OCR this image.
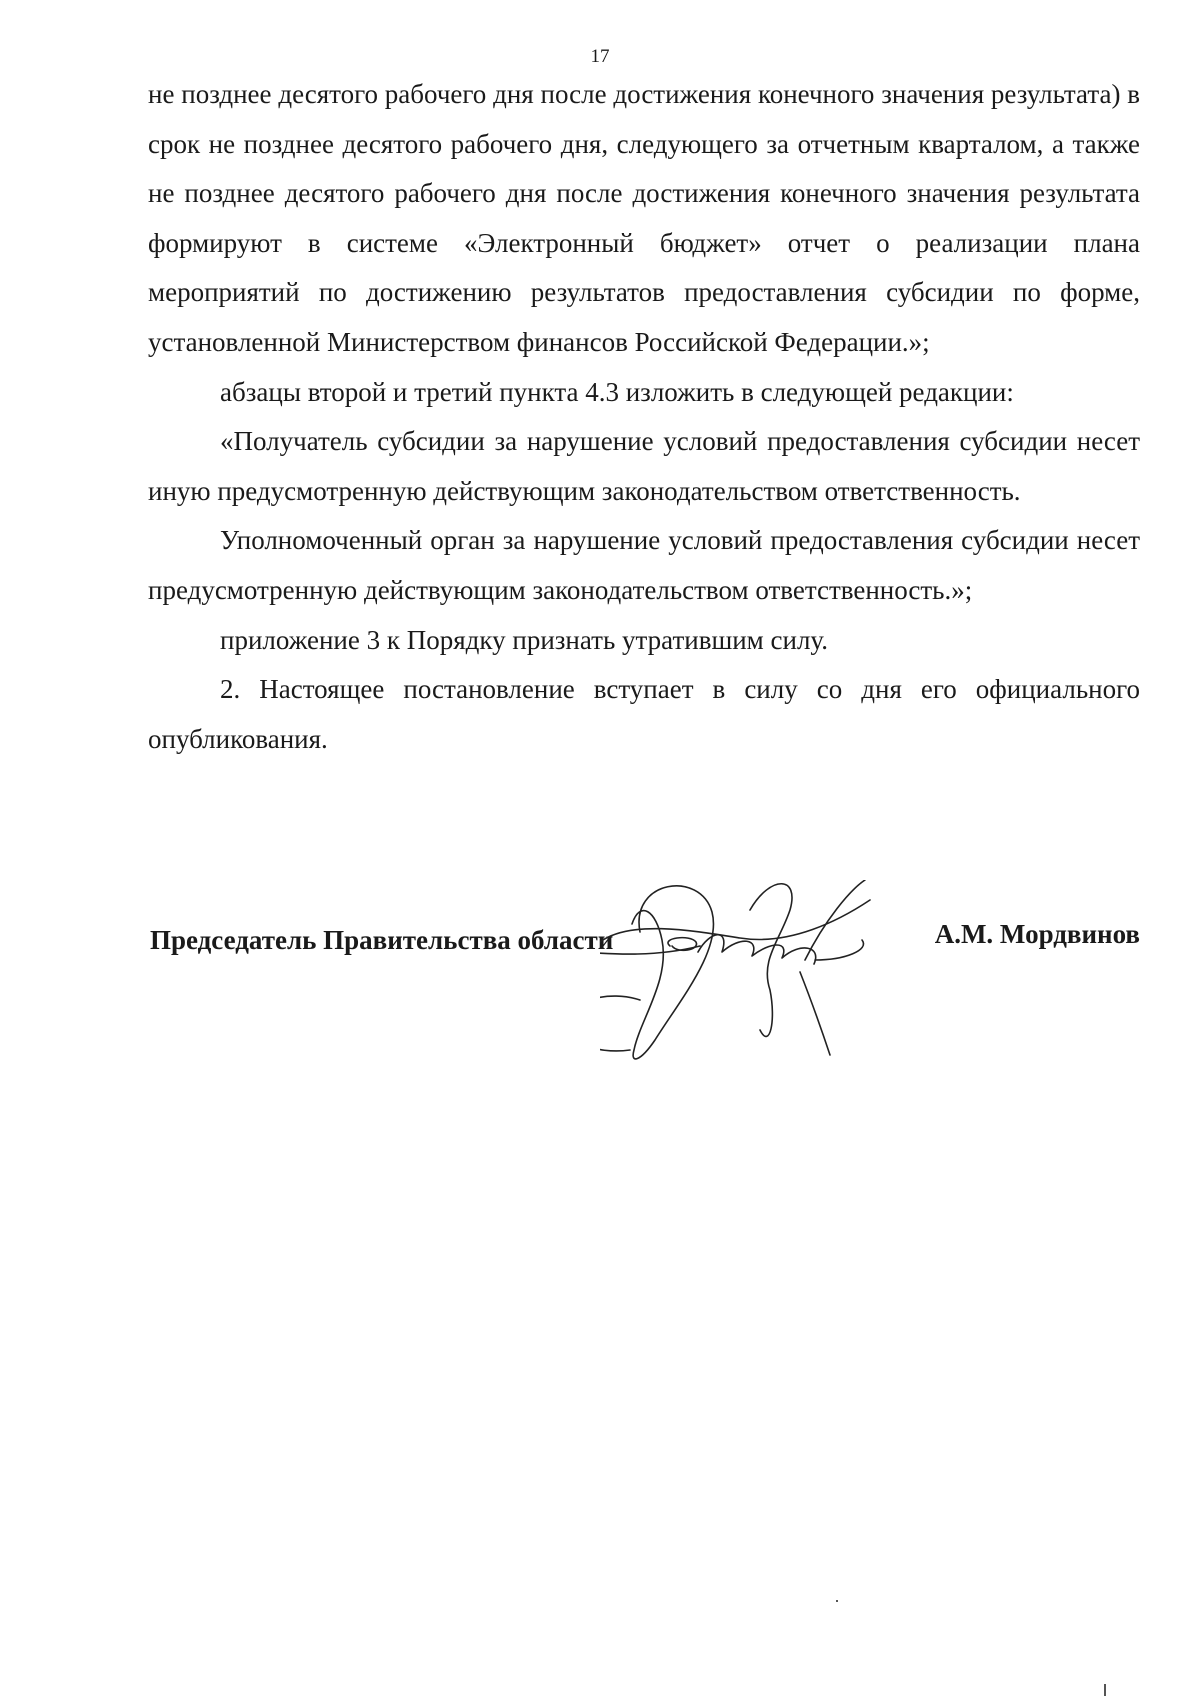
17

не позднее десятого рабочего дня после достижения конечного значения результата) в срок не позднее десятого рабочего дня, следующего за отчетным кварталом, а также не позднее десятого рабочего дня после достижения конечного значения результата формируют в системе «Электронный бюджет» отчет о реализации плана мероприятий по достижению результатов предоставления субсидии по форме, установленной Министерством финансов Российской Федерации.»;

абзацы второй и третий пункта 4.3 изложить в следующей редакции:

«Получатель субсидии за нарушение условий предоставления субсидии несет иную предусмотренную действующим законодательством ответственность.

Уполномоченный орган за нарушение условий предоставления субсидии несет предусмотренную действующим законодательством ответственность.»;

приложение 3 к Порядку признать утратившим силу.

2. Настоящее постановление вступает в силу со дня его официального опубликования.

Председатель Правительства области	А.М. Мордвинов
